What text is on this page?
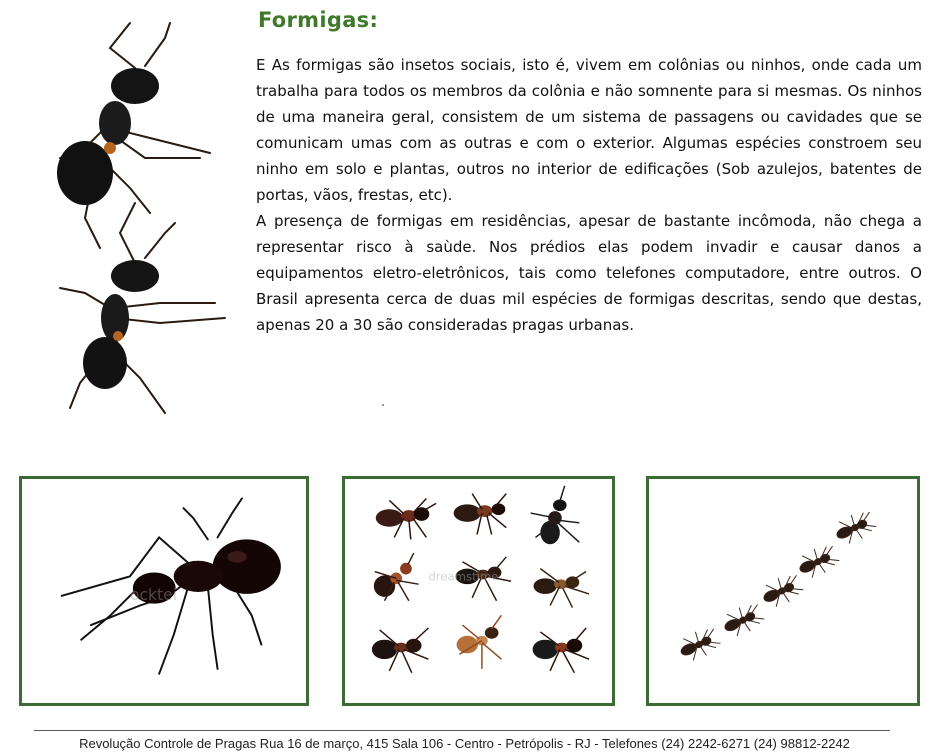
Formigas:

E As formigas são insetos sociais, isto é, vivem em colônias ou ninhos, onde cada um trabalha para todos os membros da colônia e não somnente para si mesmas. Os ninhos de uma maneira geral, consistem de um sistema de passagens ou cavidades que se comunicam umas com as outras e com o exterior. Algumas espécies constroem seu ninho em solo e plantas, outros no interior de edificações (Sob azulejos, batentes de portas, vãos, frestas, etc).

A presença de formigas em residências, apesar de bastante incômoda, não chega a representar risco à saùde. Nos prédios elas podem invadir e causar danos a equipamentos eletro-eletrônicos, tais como telefones computadore, entre outros. O Brasil apresenta cerca de duas mil espécies de formigas descritas, sendo que destas, apenas 20 a 30 são consideradas pragas urbanas.

ocktei
dreamstime
Revolução Controle de Pragas Rua 16 de março, 415 Sala 106 - Centro - Petrópolis - RJ - Telefones (24) 2242-6271 (24) 98812-2242
